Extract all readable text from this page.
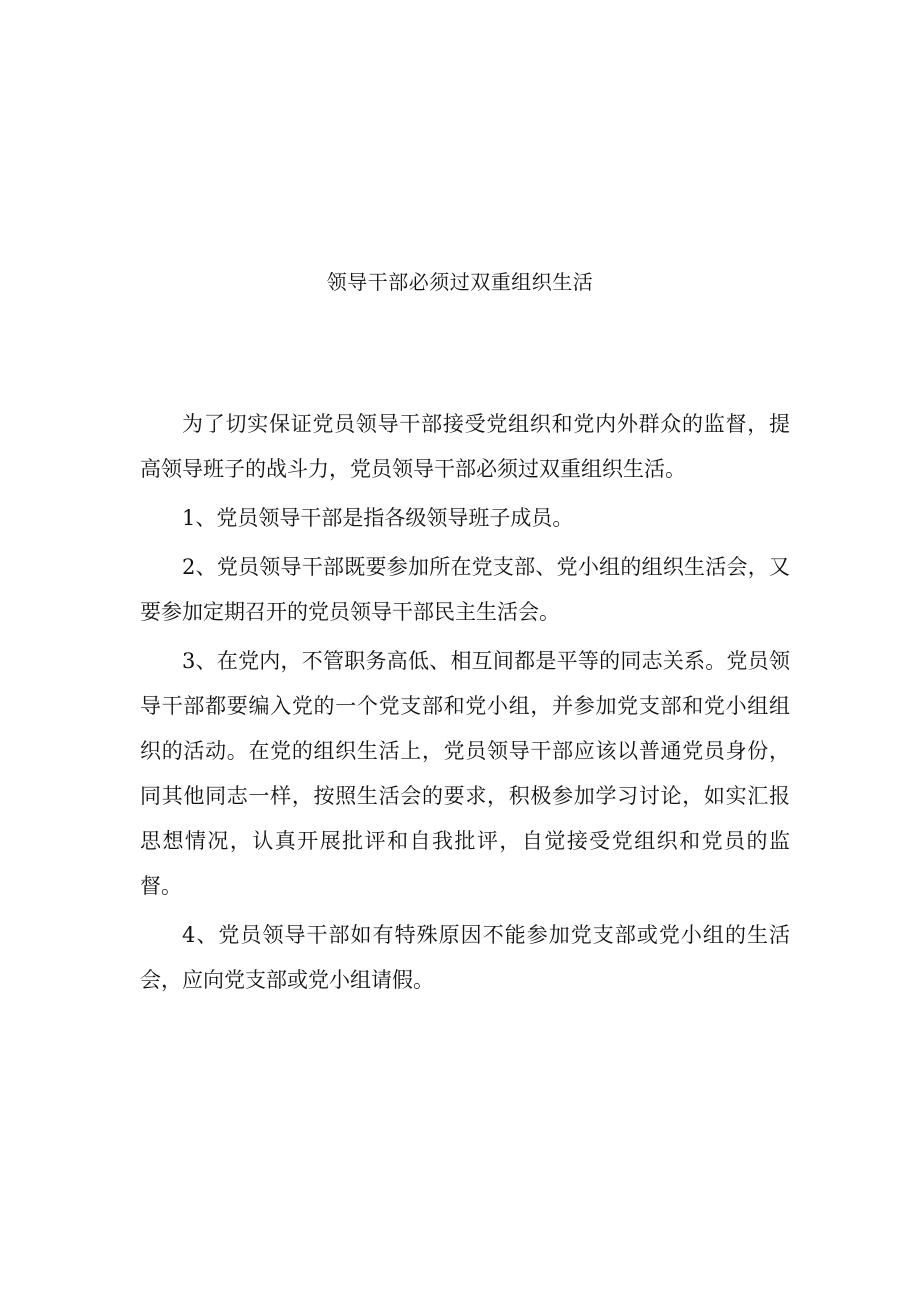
领导干部必须过双重组织生活

为了切实保证党员领导干部接受党组织和党内外群众的监督，提高领导班子的战斗力，党员领导干部必须过双重组织生活。

1、党员领导干部是指各级领导班子成员。

2、党员领导干部既要参加所在党支部、党小组的组织生活会，又要参加定期召开的党员领导干部民主生活会。

3、在党内，不管职务高低、相互间都是平等的同志关系。党员领导干部都要编入党的一个党支部和党小组，并参加党支部和党小组组织的活动。在党的组织生活上，党员领导干部应该以普通党员身份，同其他同志一样，按照生活会的要求，积极参加学习讨论，如实汇报思想情况，认真开展批评和自我批评，自觉接受党组织和党员的监督。

4、党员领导干部如有特殊原因不能参加党支部或党小组的生活会，应向党支部或党小组请假。
